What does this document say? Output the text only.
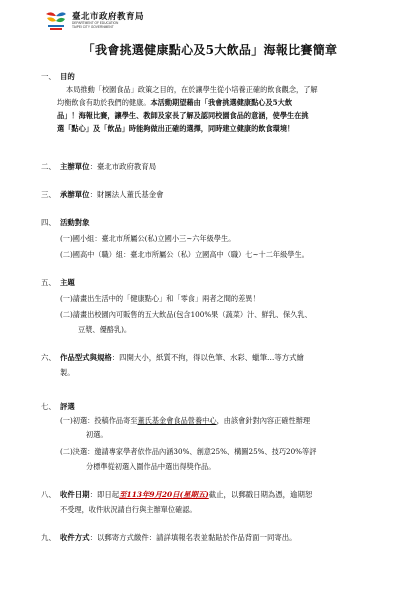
臺北市政府教育局
DEPARTMENT OF EDUCATION
TAIPEI CITY GOVERNMENT
「我會挑選健康點心及5大飲品」海報比賽簡章
一、 目的
本局推動「校園食品」政策之目的，在於讓學生從小培養正確的飲食觀念，了解
均衡飲食有助於我們的健康。本活動期望藉由「我會挑選健康點心及5大飲
品」！海報比賽，讓學生、教師及家長了解及認同校園食品的意涵，使學生在挑
選「點心」及「飲品」時能夠做出正確的選擇，同時建立健康的飲食環境！
二、 主辦單位：臺北市政府教育局
三、 承辦單位：財團法人董氏基金會
四、 活動對象
(一)國小組：臺北市所屬公(私)立國小三~六年級學生。
(二)國高中（職）組：臺北市所屬公（私）立國高中（職）七~十二年級學生。
五、 主題
(一)請畫出生活中的「健康點心」和「零食」兩者之間的差異！
(二)請畫出校園內可販售的五大飲品(包含100%果（蔬菜）汁、鮮乳、保久乳、
豆漿、優酪乳)。
六、 作品型式與規格：四開大小，紙質不拘，得以色筆、水彩、蠟筆…等方式繪
製。
七、 評選
(一)初選：投稿作品寄至董氏基金會食品營養中心，由該會針對內容正確性辦理
初選。
(二)決選：邀請專家學者依作品內涵30%、創意25%、構圖25%、技巧20%等評
分標準從初選入圍作品中選出得獎作品。
八、 收件日期：即日起至113年9月20日(星期五)截止，以郵戳日期為憑，逾期恕
不受理，收件狀況請自行與主辦單位確認。
九、 收件方式：以郵寄方式繳件：請詳填報名表並黏貼於作品背面一同寄出。
